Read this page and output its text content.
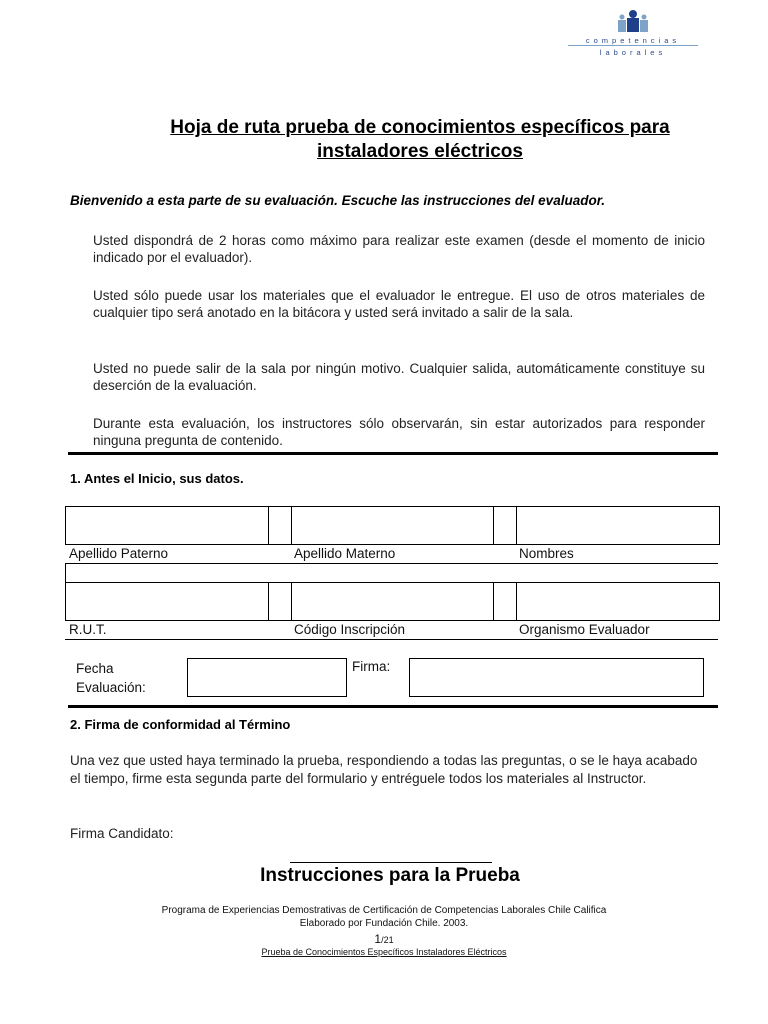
competencias
laborales
Hoja de ruta prueba de conocimientos específicos para
instaladores eléctricos
Bienvenido a esta parte de su evaluación. Escuche las instrucciones del evaluador.
Usted dispondrá de 2 horas como máximo para realizar este examen (desde el momento de inicio indicado por el evaluador).
Usted sólo puede usar los materiales que el evaluador le entregue. El uso de otros materiales de cualquier tipo será anotado en la bitácora y usted será invitado a salir de la sala.
Usted no puede salir de la sala por ningún motivo. Cualquier salida, automáticamente constituye su deserción de la evaluación.
Durante esta evaluación, los instructores sólo observarán, sin estar autorizados para responder ninguna pregunta de contenido.
1. Antes el Inicio, sus datos.
Apellido Paterno	Apellido Materno	Nombres
R.U.T.	Código Inscripción	Organismo Evaluador
Fecha
Evaluación:
Firma:
2. Firma de conformidad al Término
Una vez que usted haya terminado la prueba, respondiendo a todas las preguntas, o se le haya acabado el tiempo, firme esta segunda parte del formulario y entréguele todos los materiales al Instructor.
Firma Candidato:
Instrucciones para la Prueba
Programa de Experiencias Demostrativas de Certificación de Competencias Laborales Chile Califica
Elaborado por Fundación Chile. 2003.
1/21
Prueba de Conocimientos Específicos Instaladores Eléctricos
